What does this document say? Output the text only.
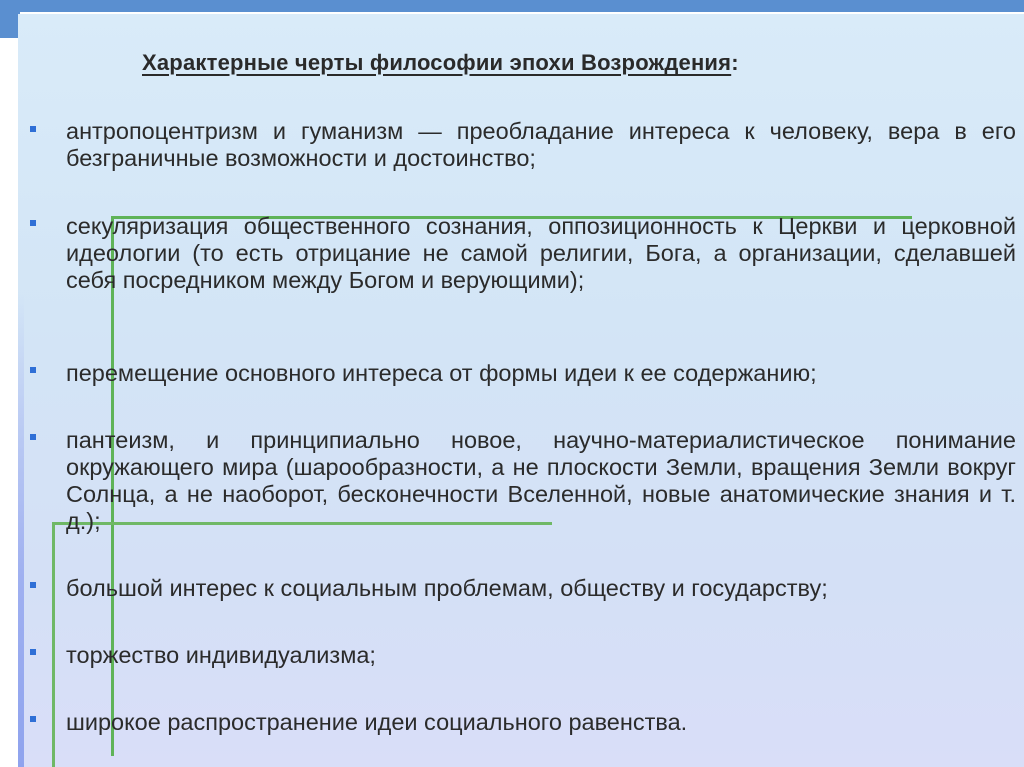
Характерные черты философии эпохи Возрождения:
антропоцентризм и гуманизм — преобладание интереса к человеку, вера в его безграничные возможности и достоинство;
секуляризация общественного сознания, оппозиционность к Церкви и церковной идеологии (то есть отрицание не самой религии, Бога, а организации, сделавшей себя посредником между Богом и верующими);
перемещение основного интереса от формы идеи к ее содержанию;
пантеизм, и принципиально новое, научно-материалистическое понимание окружающего мира (шарообразности, а не плоскости Земли, вращения Земли вокруг Солнца, а не наоборот, бесконечности Вселенной, новые анатомические знания и т. д.);
большой интерес к социальным проблемам, обществу и государству;
торжество индивидуализма;
широкое распространение идеи социального равенства.
